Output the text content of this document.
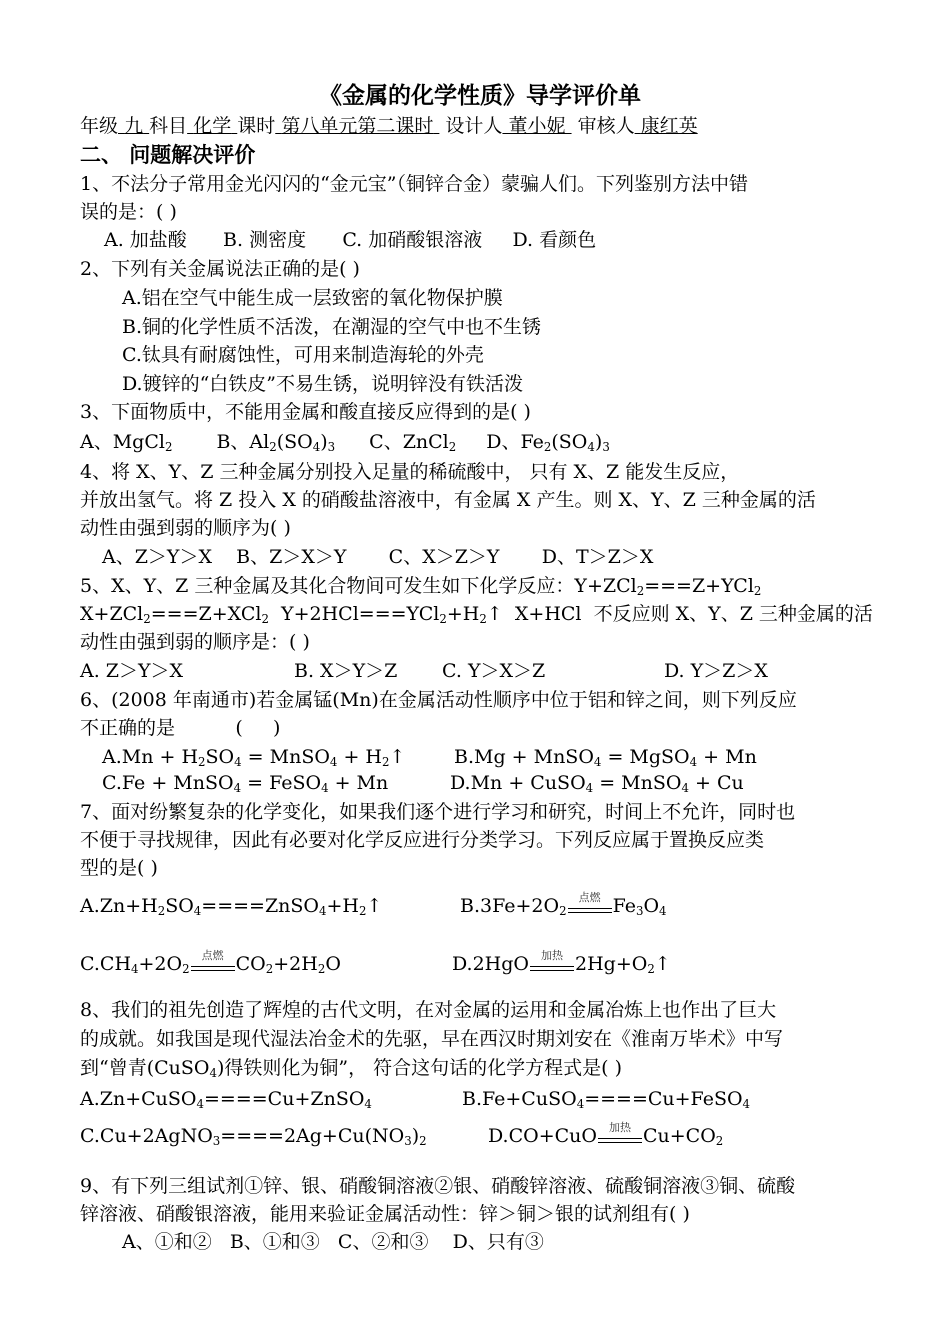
《金属的化学性质》导学评价单
年级 九 科目 化学 课时 第八单元第二课时 设计人 董小妮 审核人 康红英
二、 问题解决评价
1、不法分子常用金光闪闪的“金元宝”（铜锌合金）蒙骗人们。下列鉴别方法中错
误的是：( )
A. 加盐酸      B. 测密度      C. 加硝酸银溶液     D. 看颜色
2、下列有关金属说法正确的是( )
A.铝在空气中能生成一层致密的氧化物保护膜
B.铜的化学性质不活泼，在潮湿的空气中也不生锈
C.钛具有耐腐蚀性，可用来制造海轮的外壳
D.镀锌的“白铁皮”不易生锈，说明锌没有铁活泼
3、下面物质中，不能用金属和酸直接反应得到的是( )
A、MgCl$_2$ B、$Al_2(SO_4)_3$ C、ZnCl$_2$ D、$Fe_2(SO_4)_3$
4、将 X、Y、Z 三种金属分别投入足量的稀硫酸中， 只有 X、Z 能发生反应，
并放出氢气。将 Z 投入 X 的硝酸盐溶液中，有金属 X 产生。则 X、Y、Z 三种金属的活
动性由强到弱的顺序为( )
A、Z＞Y＞X    B、Z＞X＞Y       C、X＞Z＞Y       D、T＞Z＞X
5、X、Y、Z 三种金属及其化合物间可发生如下化学反应：Y+ZCl$_2$===Z+YCl$_2$
X+ZCl$_2$===Z+XCl$_2$  $Y+2HCl===YCl_2+H_2↑$  X+HCl  不反应则 X、Y、Z 三种金属的活
动性由强到弱的顺序是：( )
A. Z＞Y＞X	B. X＞Y＞Z C. Y＞X＞Z	D. Y＞Z＞X
6、(2008 年南通市)若金属锰(Mn)在金属活动性顺序中位于铝和锌之间，则下列反应
不正确的是          (     )
$A.Mn + H_2SO_4$ = MnSO$_4$ + $H_2↑$	B.Mg + MnSO$_4$ = MgSO$_4$ + Mn
C.Fe + MnSO$_4$ = FeSO$_4$ + Mn	D.Mn + CuSO$_4$ = MnSO$_4$ + Cu
7、面对纷繁复杂的化学变化，如果我们逐个进行学习和研究，时间上不允许，同时也
不便于寻找规律，因此有必要对化学反应进行分类学习。下列反应属于置换反应类
型的是( )
$A.Zn+H_2SO_4====ZnSO_4+H_2↑$	$B.3Fe+2O_2$
点燃 $Fe_3O_4$
$C.CH_4+2O_2$
点燃 $CO_2+2H_2O$	D.2HgO	加热 $2Hg+O_2↑$
8、我们的祖先创造了辉煌的古代文明，在对金属的运用和金属冶炼上也作出了巨大
的成就。如我国是现代湿法冶金术的先驱，早在西汉时期刘安在《淮南万毕术》中写
到“曾青(CuSO$_4$)得铁则化为铜”， 符合这句话的化学方程式是( )
A.Zn+CuSO$_4$====Cu+ZnSO$_4$	B.Fe+CuSO$_4$====Cu+FeSO$_4$
$C.Cu+2AgNO_3====2Ag+Cu(NO_3)_2$	D.CO+CuO	加热 $Cu+CO_2$
9、有下列三组试剂①锌、银、硝酸铜溶液②银、硝酸锌溶液、硫酸铜溶液③铜、硫酸
锌溶液、硝酸银溶液，能用来验证金属活动性：锌＞铜＞银的试剂组有( )
A、①和②   B、①和③   C、②和③    D、只有③
